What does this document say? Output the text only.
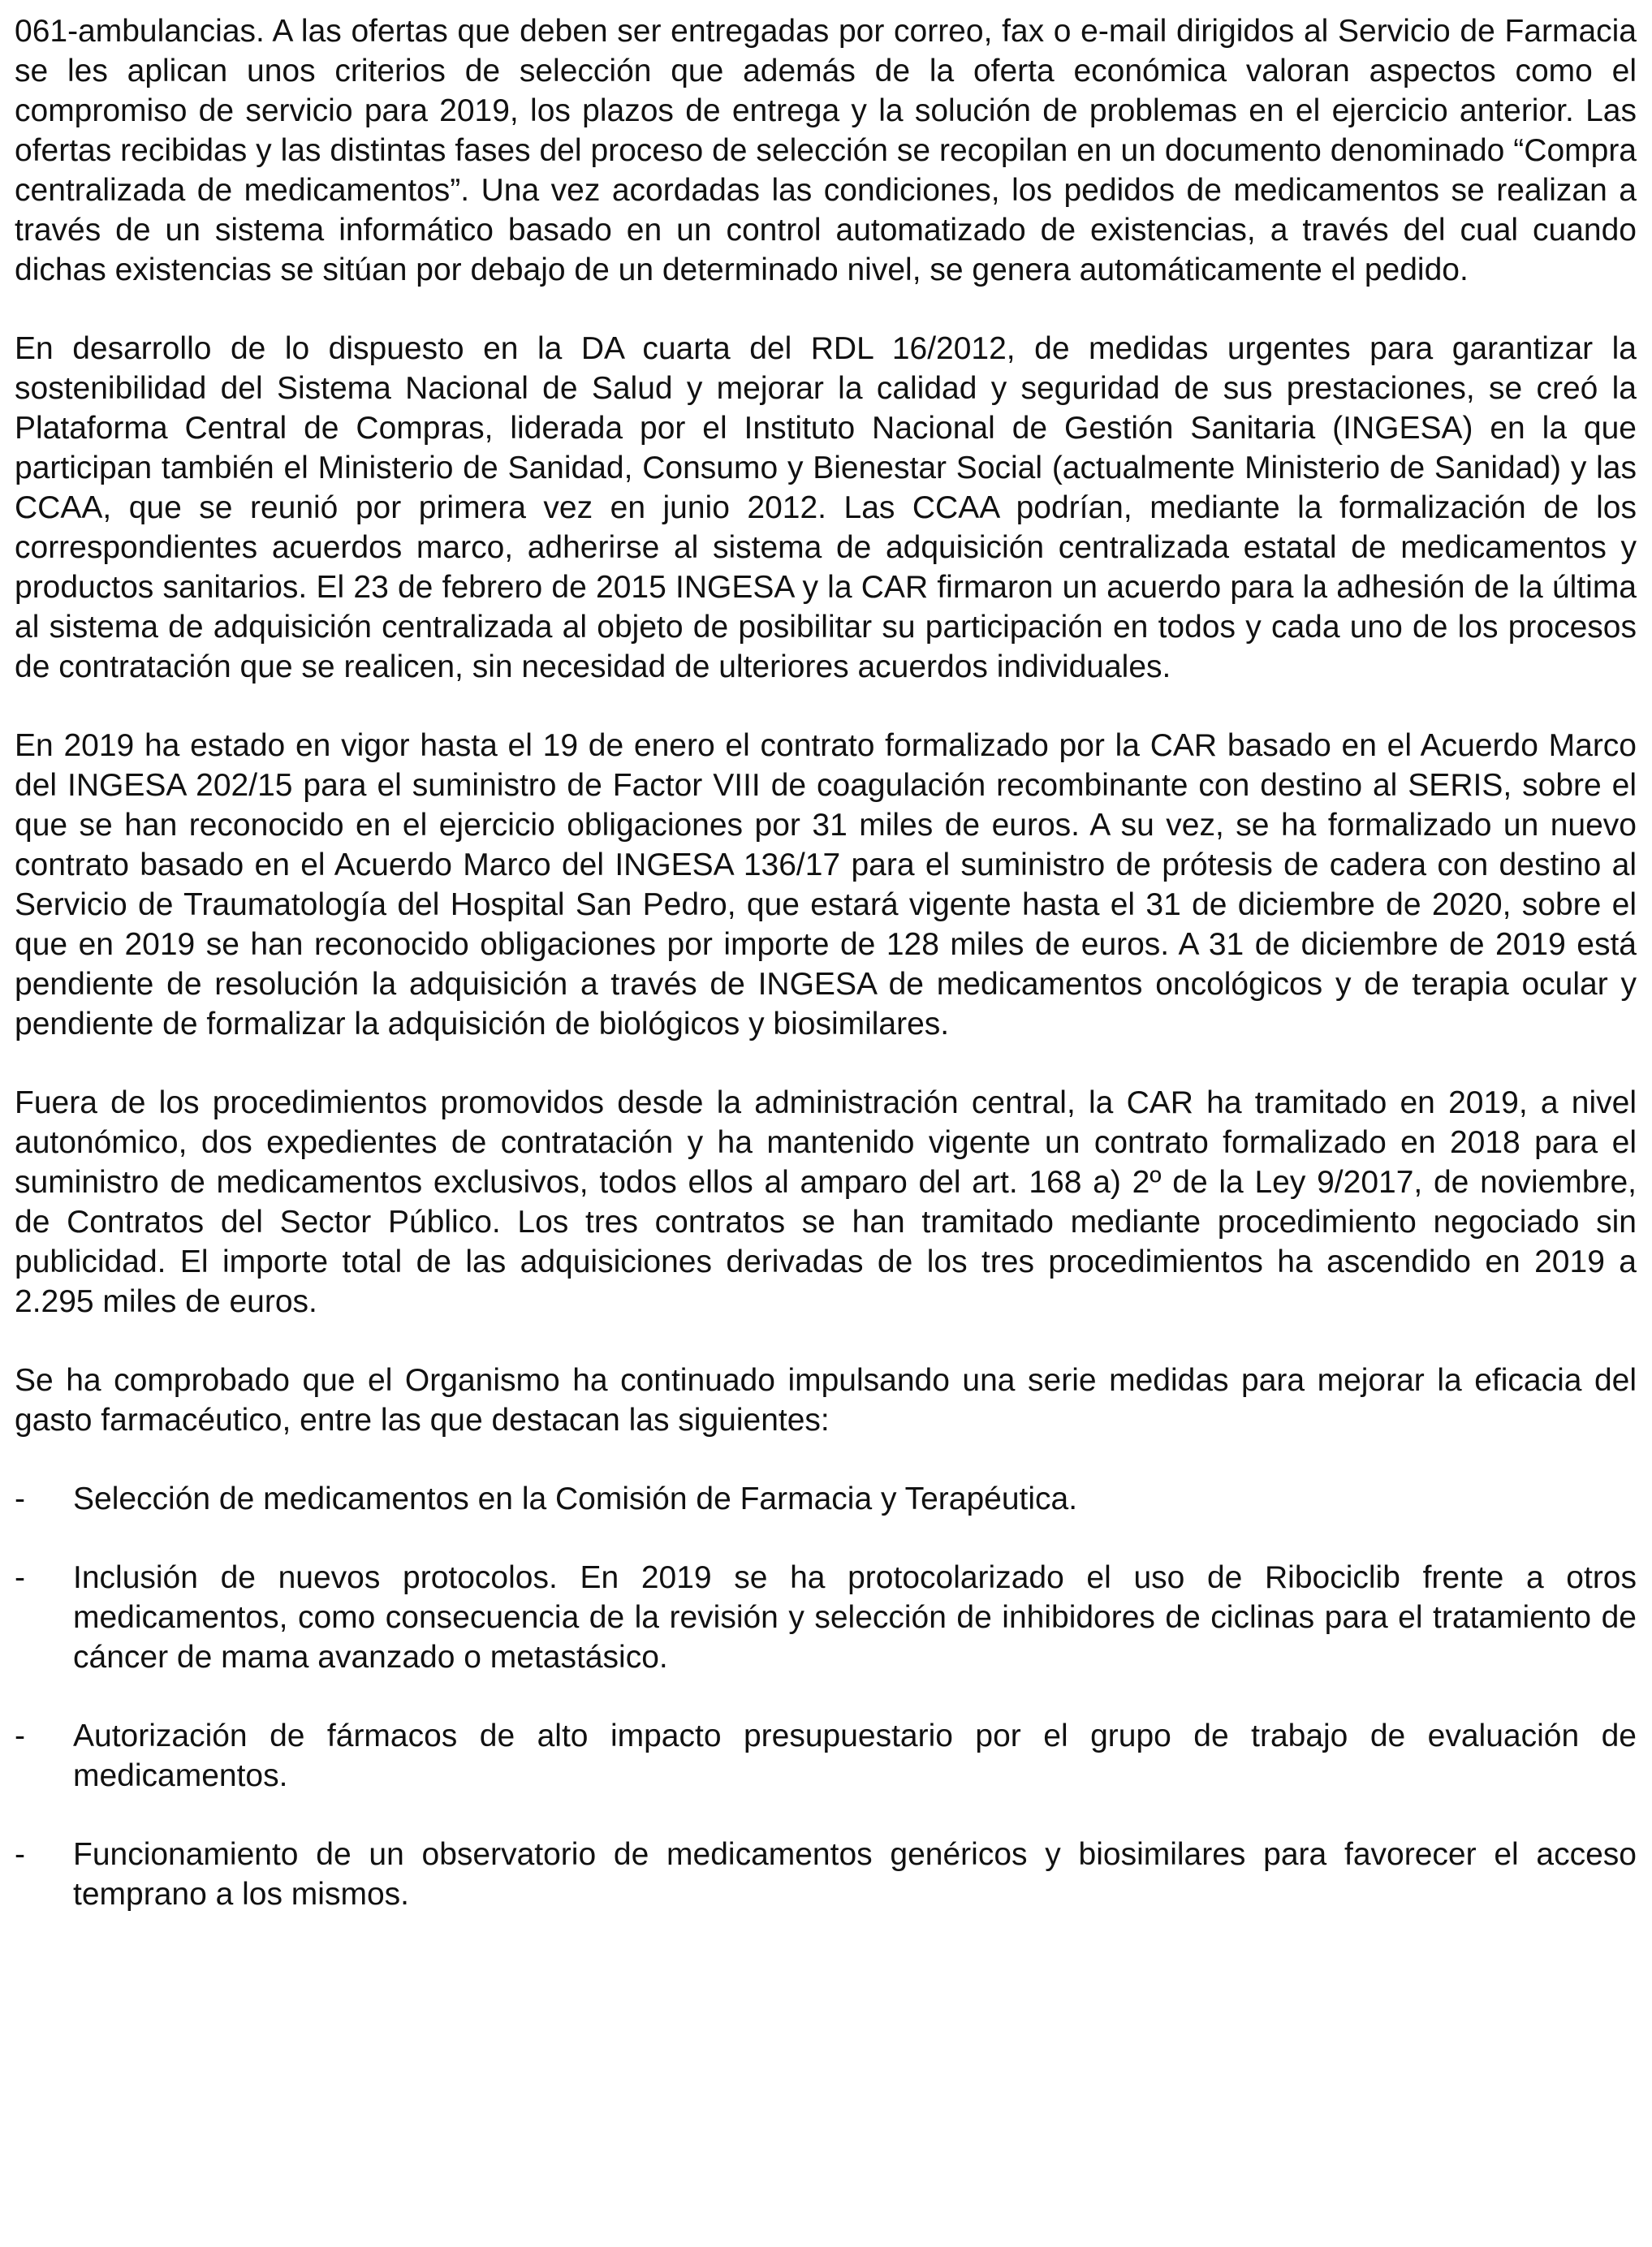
061-ambulancias. A las ofertas que deben ser entregadas por correo, fax o e-mail dirigidos al Servicio de Farmacia se les aplican unos criterios de selección que además de la oferta económica valoran aspectos como el compromiso de servicio para 2019, los plazos de entrega y la solución de problemas en el ejercicio anterior. Las ofertas recibidas y las distintas fases del proceso de selección se recopilan en un documento denominado “Compra centralizada de medicamentos”. Una vez acordadas las condiciones, los pedidos de medicamentos se realizan a través de un sistema informático basado en un control automatizado de existencias, a través del cual cuando dichas existencias se sitúan por debajo de un determinado nivel, se genera automáticamente el pedido.

En desarrollo de lo dispuesto en la DA cuarta del RDL 16/2012, de medidas urgentes para garantizar la sostenibilidad del Sistema Nacional de Salud y mejorar la calidad y seguridad de sus prestaciones, se creó la Plataforma Central de Compras, liderada por el Instituto Nacional de Gestión Sanitaria (INGESA) en la que participan también el Ministerio de Sanidad, Consumo y Bienestar Social (actualmente Ministerio de Sanidad) y las CCAA, que se reunió por primera vez en junio 2012. Las CCAA podrían, mediante la formalización de los correspondientes acuerdos marco, adherirse al sistema de adquisición centralizada estatal de medicamentos y productos sanitarios. El 23 de febrero de 2015 INGESA y la CAR firmaron un acuerdo para la adhesión de la última al sistema de adquisición centralizada al objeto de posibilitar su participación en todos y cada uno de los procesos de contratación que se realicen, sin necesidad de ulteriores acuerdos individuales.

En 2019 ha estado en vigor hasta el 19 de enero el contrato formalizado por la CAR basado en el Acuerdo Marco del INGESA 202/15 para el suministro de Factor VIII de coagulación recombinante con destino al SERIS, sobre el que se han reconocido en el ejercicio obligaciones por 31 miles de euros. A su vez, se ha formalizado un nuevo contrato basado en el Acuerdo Marco del INGESA 136/17 para el suministro de prótesis de cadera con destino al Servicio de Traumatología del Hospital San Pedro, que estará vigente hasta el 31 de diciembre de 2020, sobre el que en 2019 se han reconocido obligaciones por importe de 128 miles de euros. A 31 de diciembre de 2019 está pendiente de resolución la adquisición a través de INGESA de medicamentos oncológicos y de terapia ocular y pendiente de formalizar la adquisición de biológicos y biosimilares.

Fuera de los procedimientos promovidos desde la administración central, la CAR ha tramitado en 2019, a nivel autonómico, dos expedientes de contratación y ha mantenido vigente un contrato formalizado en 2018 para el suministro de medicamentos exclusivos, todos ellos al amparo del art. 168 a) 2º de la Ley 9/2017, de noviembre, de Contratos del Sector Público. Los tres contratos se han tramitado mediante procedimiento negociado sin publicidad. El importe total de las adquisiciones derivadas de los tres procedimientos ha ascendido en 2019 a 2.295 miles de euros.

Se ha comprobado que el Organismo ha continuado impulsando una serie medidas para mejorar la eficacia del gasto farmacéutico, entre las que destacan las siguientes:

-	Selección de medicamentos en la Comisión de Farmacia y Terapéutica.
-	Inclusión de nuevos protocolos. En 2019 se ha protocolarizado el uso de Ribociclib frente a otros medicamentos, como consecuencia de la revisión y selección de inhibidores de ciclinas para el tratamiento de cáncer de mama avanzado o metastásico.
-	Autorización de fármacos de alto impacto presupuestario por el grupo de trabajo de evaluación de medicamentos.
-	Funcionamiento de un observatorio de medicamentos genéricos y biosimilares para favorecer el acceso temprano a los mismos.
